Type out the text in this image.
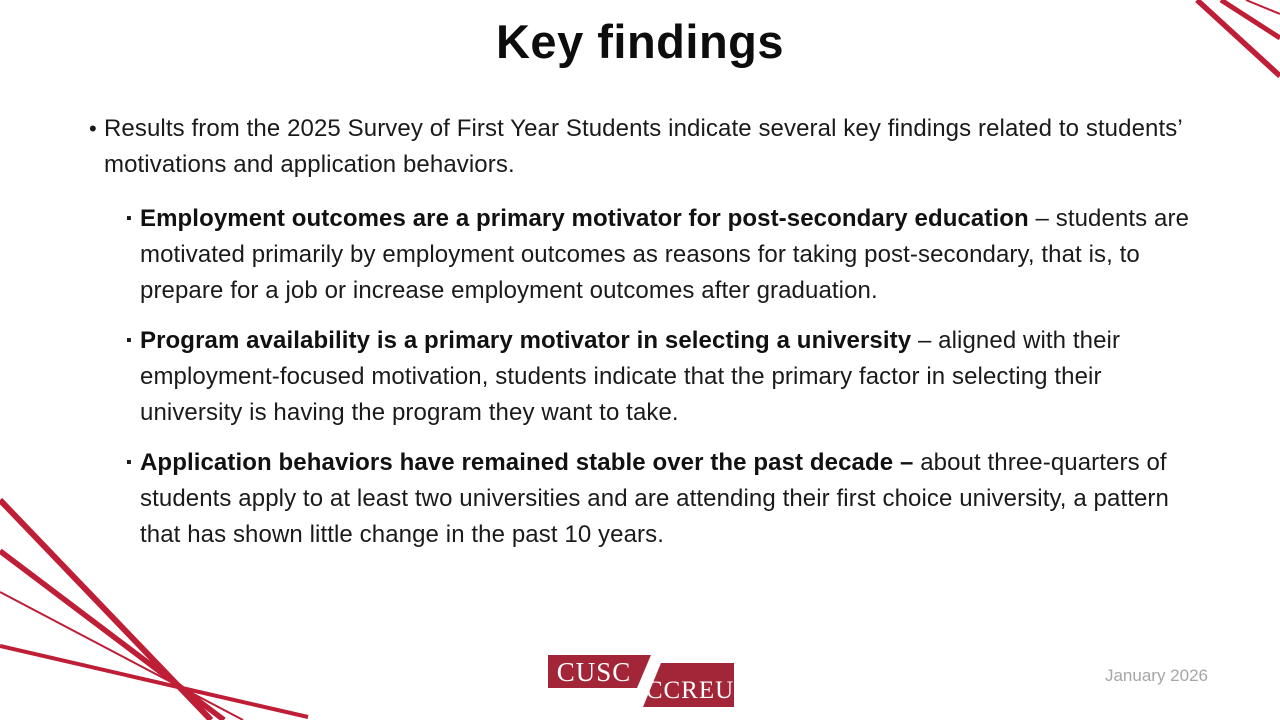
Key findings
• Results from the 2025 Survey of First Year Students indicate several key findings related to students’ motivations and application behaviors.
▪ Employment outcomes are a primary motivator for post-secondary education – students are motivated primarily by employment outcomes as reasons for taking post-secondary, that is, to prepare for a job or increase employment outcomes after graduation.
▪ Program availability is a primary motivator in selecting a university – aligned with their employment-focused motivation, students indicate that the primary factor in selecting their university is having the program they want to take.
▪ Application behaviors have remained stable over the past decade – about three-quarters of students apply to at least two universities and are attending their first choice university, a pattern that has shown little change in the past 10 years.
CUSC
CCREU
January 2026
